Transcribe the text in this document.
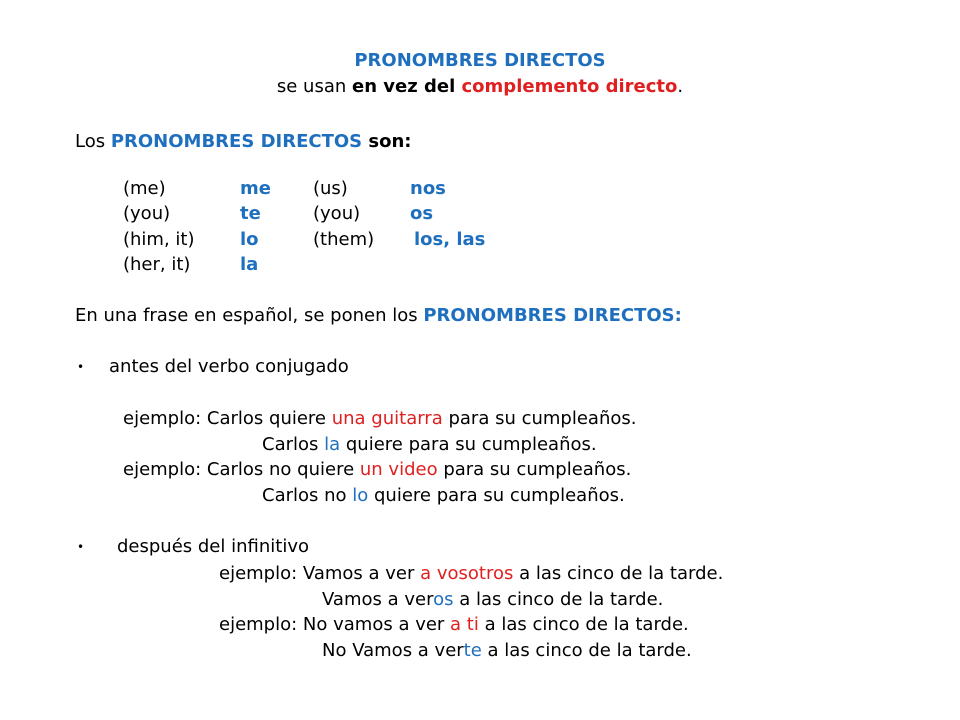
PRONOMBRES DIRECTOS
se usan en vez del complemento directo.
Los PRONOMBRES DIRECTOS son:
(me)	me (us)	nos
(you)	te	(you)	os
(him, it)	lo	(them) los, las
(her, it)	la
En una frase en español, se ponen los PRONOMBRES DIRECTOS:
• antes del verbo conjugado
ejemplo: Carlos quiere una guitarra para su cumpleaños.
Carlos la quiere para su cumpleaños.
ejemplo: Carlos no quiere un video para su cumpleaños.
Carlos no lo quiere para su cumpleaños.
• después del infinitivo
ejemplo: Vamos a ver a vosotros a las cinco de la tarde.
Vamos a veros a las cinco de la tarde.
ejemplo: No vamos a ver a ti a las cinco de la tarde.
No Vamos a verte a las cinco de la tarde.
